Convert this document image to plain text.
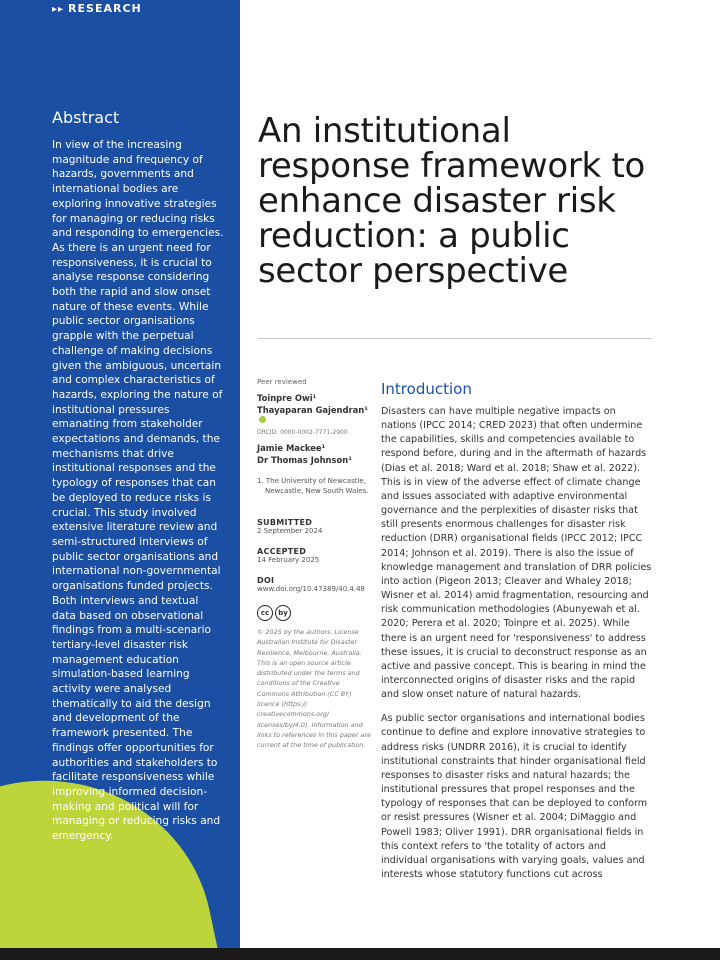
▸▸ RESEARCH
Abstract

In view of the increasing magnitude and frequency of hazards, governments and international bodies are exploring innovative strategies for managing or reducing risks and responding to emergencies. As there is an urgent need for responsiveness, it is crucial to analyse response considering both the rapid and slow onset nature of these events. While public sector organisations grapple with the perpetual challenge of making decisions given the ambiguous, uncertain and complex characteristics of hazards, exploring the nature of institutional pressures emanating from stakeholder expectations and demands, the mechanisms that drive institutional responses and the typology of responses that can be deployed to reduce risks is crucial. This study involved extensive literature review and semi-structured interviews of public sector organisations and international non-governmental organisations funded projects. Both interviews and textual data based on observational findings from a multi-scenario tertiary-level disaster risk management education simulation-based learning activity were analysed thematically to aid the design and development of the framework presented. The findings offer opportunities for authorities and stakeholders to facilitate responsiveness while improving informed decision-making and political will for managing or reducing risks and emergency.

An institutional response framework to enhance disaster risk reduction: a public sector perspective
Peer reviewed
Toinpre Owi¹
Thayaparan Gajendran¹
ORCID: 0000-0002-7771-2900
Jamie Mackee¹
Dr Thomas Johnson¹
1. The University of Newcastle, Newcastle, New South Wales.
SUBMITTED
2 September 2024
ACCEPTED
14 February 2025
DOI
www.doi.org/10.47389/40.4.48
cc	by
© 2025 by the authors. License Australian Institute for Disaster Resilience, Melbourne, Australia. This is an open source article distributed under the terms and conditions of the Creative Commons Attribution (CC BY) licence (https:// creativecommons.org/ licenses/by/4.0). Information and links to references in this paper are current at the time of publication.
Introduction

Disasters can have multiple negative impacts on nations (IPCC 2014; CRED 2023) that often undermine the capabilities, skills and competencies available to respond before, during and in the aftermath of hazards (Dias et al. 2018; Ward et al. 2018; Shaw et al. 2022). This is in view of the adverse effect of climate change and issues associated with adaptive environmental governance and the perplexities of disaster risks that still presents enormous challenges for disaster risk reduction (DRR) organisational fields (IPCC 2012; IPCC 2014; Johnson et al. 2019). There is also the issue of knowledge management and translation of DRR policies into action (Pigeon 2013; Cleaver and Whaley 2018; Wisner et al. 2014) amid fragmentation, resourcing and risk communication methodologies (Abunyewah et al. 2020; Perera et al. 2020; Toinpre et al. 2025). While there is an urgent need for 'responsiveness' to address these issues, it is crucial to deconstruct response as an active and passive concept. This is bearing in mind the interconnected origins of disaster risks and the rapid and slow onset nature of natural hazards.

As public sector organisations and international bodies continue to define and explore innovative strategies to address risks (UNDRR 2016), it is crucial to identify institutional constraints that hinder organisational field responses to disaster risks and natural hazards; the institutional pressures that propel responses and the typology of responses that can be deployed to conform or resist pressures (Wisner et al. 2004; DiMaggio and Powell 1983; Oliver 1991). DRR organisational fields in this context refers to 'the totality of actors and individual organisations with varying goals, values and interests whose statutory functions cut across
